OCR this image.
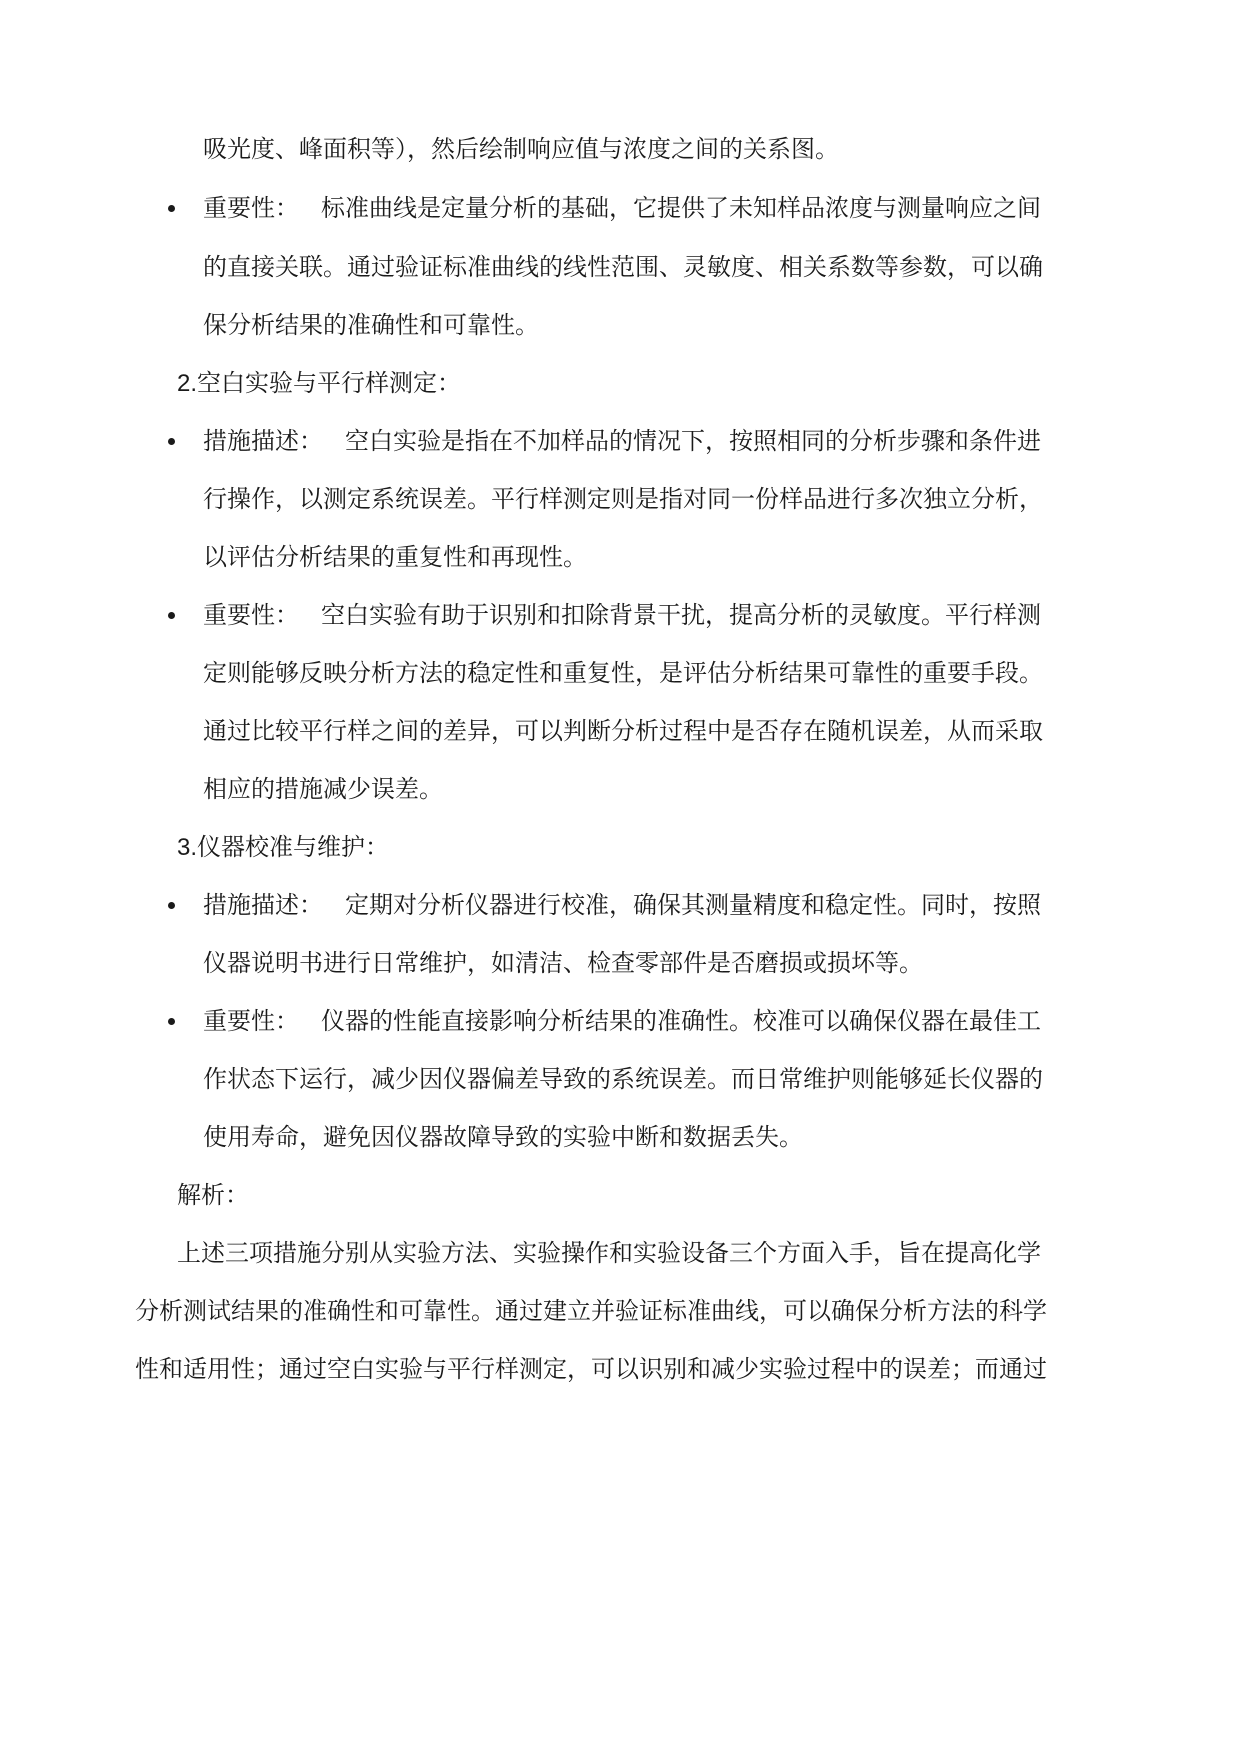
吸光度、峰面积等），然后绘制响应值与浓度之间的关系图。
重要性： 标准曲线是定量分析的基础，它提供了未知样品浓度与测量响应之间
的直接关联。通过验证标准曲线的线性范围、灵敏度、相关系数等参数，可以确
保分析结果的准确性和可靠性。
2.空白实验与平行样测定：
措施描述： 空白实验是指在不加样品的情况下，按照相同的分析步骤和条件进
行操作，以测定系统误差。平行样测定则是指对同一份样品进行多次独立分析，
以评估分析结果的重复性和再现性。
重要性： 空白实验有助于识别和扣除背景干扰，提高分析的灵敏度。平行样测
定则能够反映分析方法的稳定性和重复性，是评估分析结果可靠性的重要手段。
通过比较平行样之间的差异，可以判断分析过程中是否存在随机误差，从而采取
相应的措施减少误差。
3.仪器校准与维护：
措施描述： 定期对分析仪器进行校准，确保其测量精度和稳定性。同时，按照
仪器说明书进行日常维护，如清洁、检查零部件是否磨损或损坏等。
重要性： 仪器的性能直接影响分析结果的准确性。校准可以确保仪器在最佳工
作状态下运行，减少因仪器偏差导致的系统误差。而日常维护则能够延长仪器的
使用寿命，避免因仪器故障导致的实验中断和数据丢失。
解析：
上述三项措施分别从实验方法、实验操作和实验设备三个方面入手，旨在提高化学
分析测试结果的准确性和可靠性。通过建立并验证标准曲线，可以确保分析方法的科学
性和适用性；通过空白实验与平行样测定，可以识别和减少实验过程中的误差；而通过
